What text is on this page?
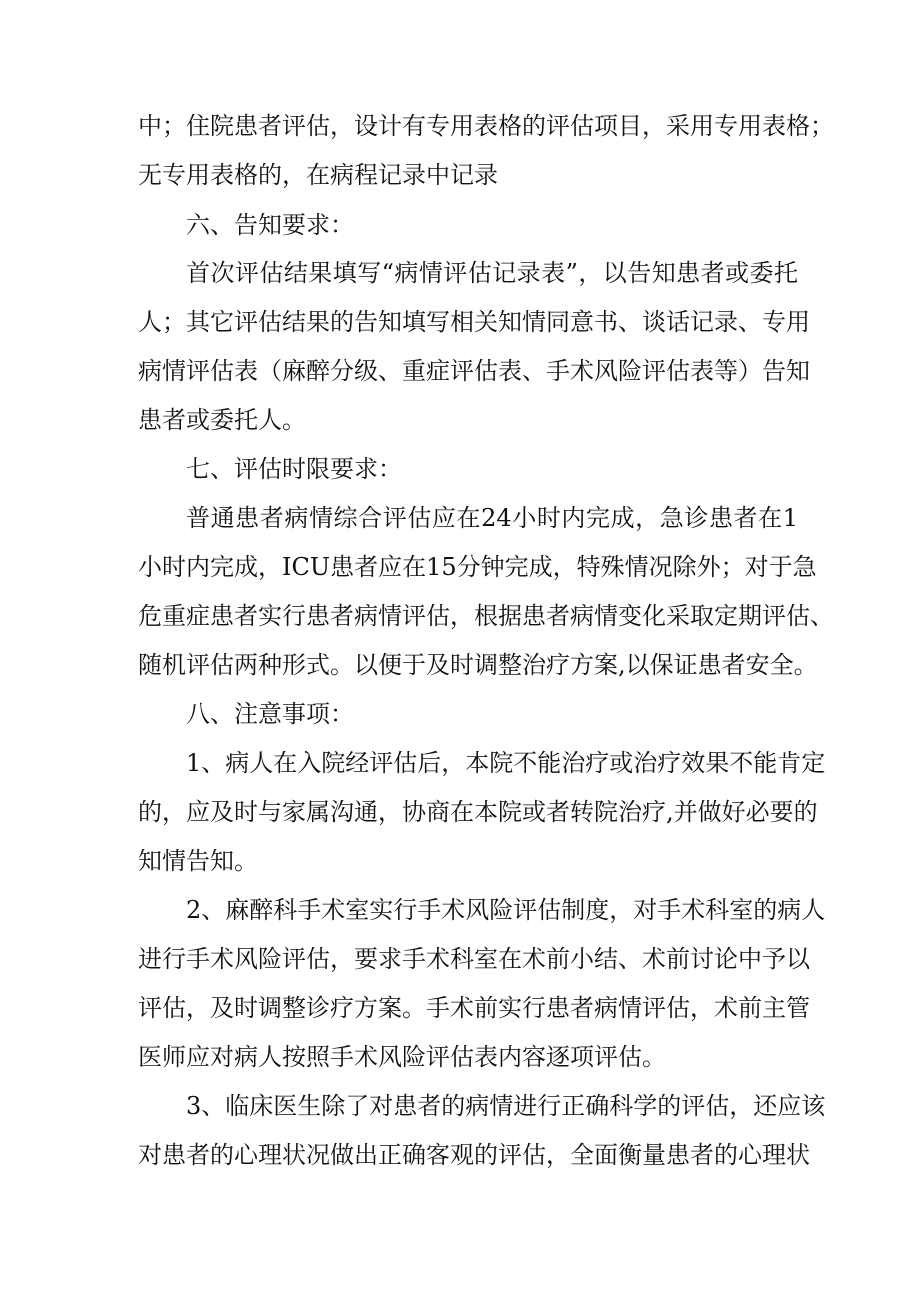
中；住院患者评估，设计有专用表格的评估项目，采用专用表格；
无专用表格的，在病程记录中记录
六、告知要求：
首次评估结果填写“病情评估记录表”，以告知患者或委托
人；其它评估结果的告知填写相关知情同意书、谈话记录、专用
病情评估表（麻醉分级、重症评估表、手术风险评估表等）告知
患者或委托人。
七、评估时限要求：
普通患者病情综合评估应在24小时内完成，急诊患者在1
小时内完成，ICU患者应在15分钟完成，特殊情况除外；对于急
危重症患者实行患者病情评估，根据患者病情变化采取定期评估、
随机评估两种形式。以便于及时调整治疗方案,以保证患者安全。
八、注意事项：
1、病人在入院经评估后，本院不能治疗或治疗效果不能肯定
的，应及时与家属沟通，协商在本院或者转院治疗,并做好必要的
知情告知。
2、麻醉科手术室实行手术风险评估制度，对手术科室的病人
进行手术风险评估，要求手术科室在术前小结、术前讨论中予以
评估，及时调整诊疗方案。手术前实行患者病情评估，术前主管
医师应对病人按照手术风险评估表内容逐项评估。
3、临床医生除了对患者的病情进行正确科学的评估，还应该
对患者的心理状况做出正确客观的评估，全面衡量患者的心理状
